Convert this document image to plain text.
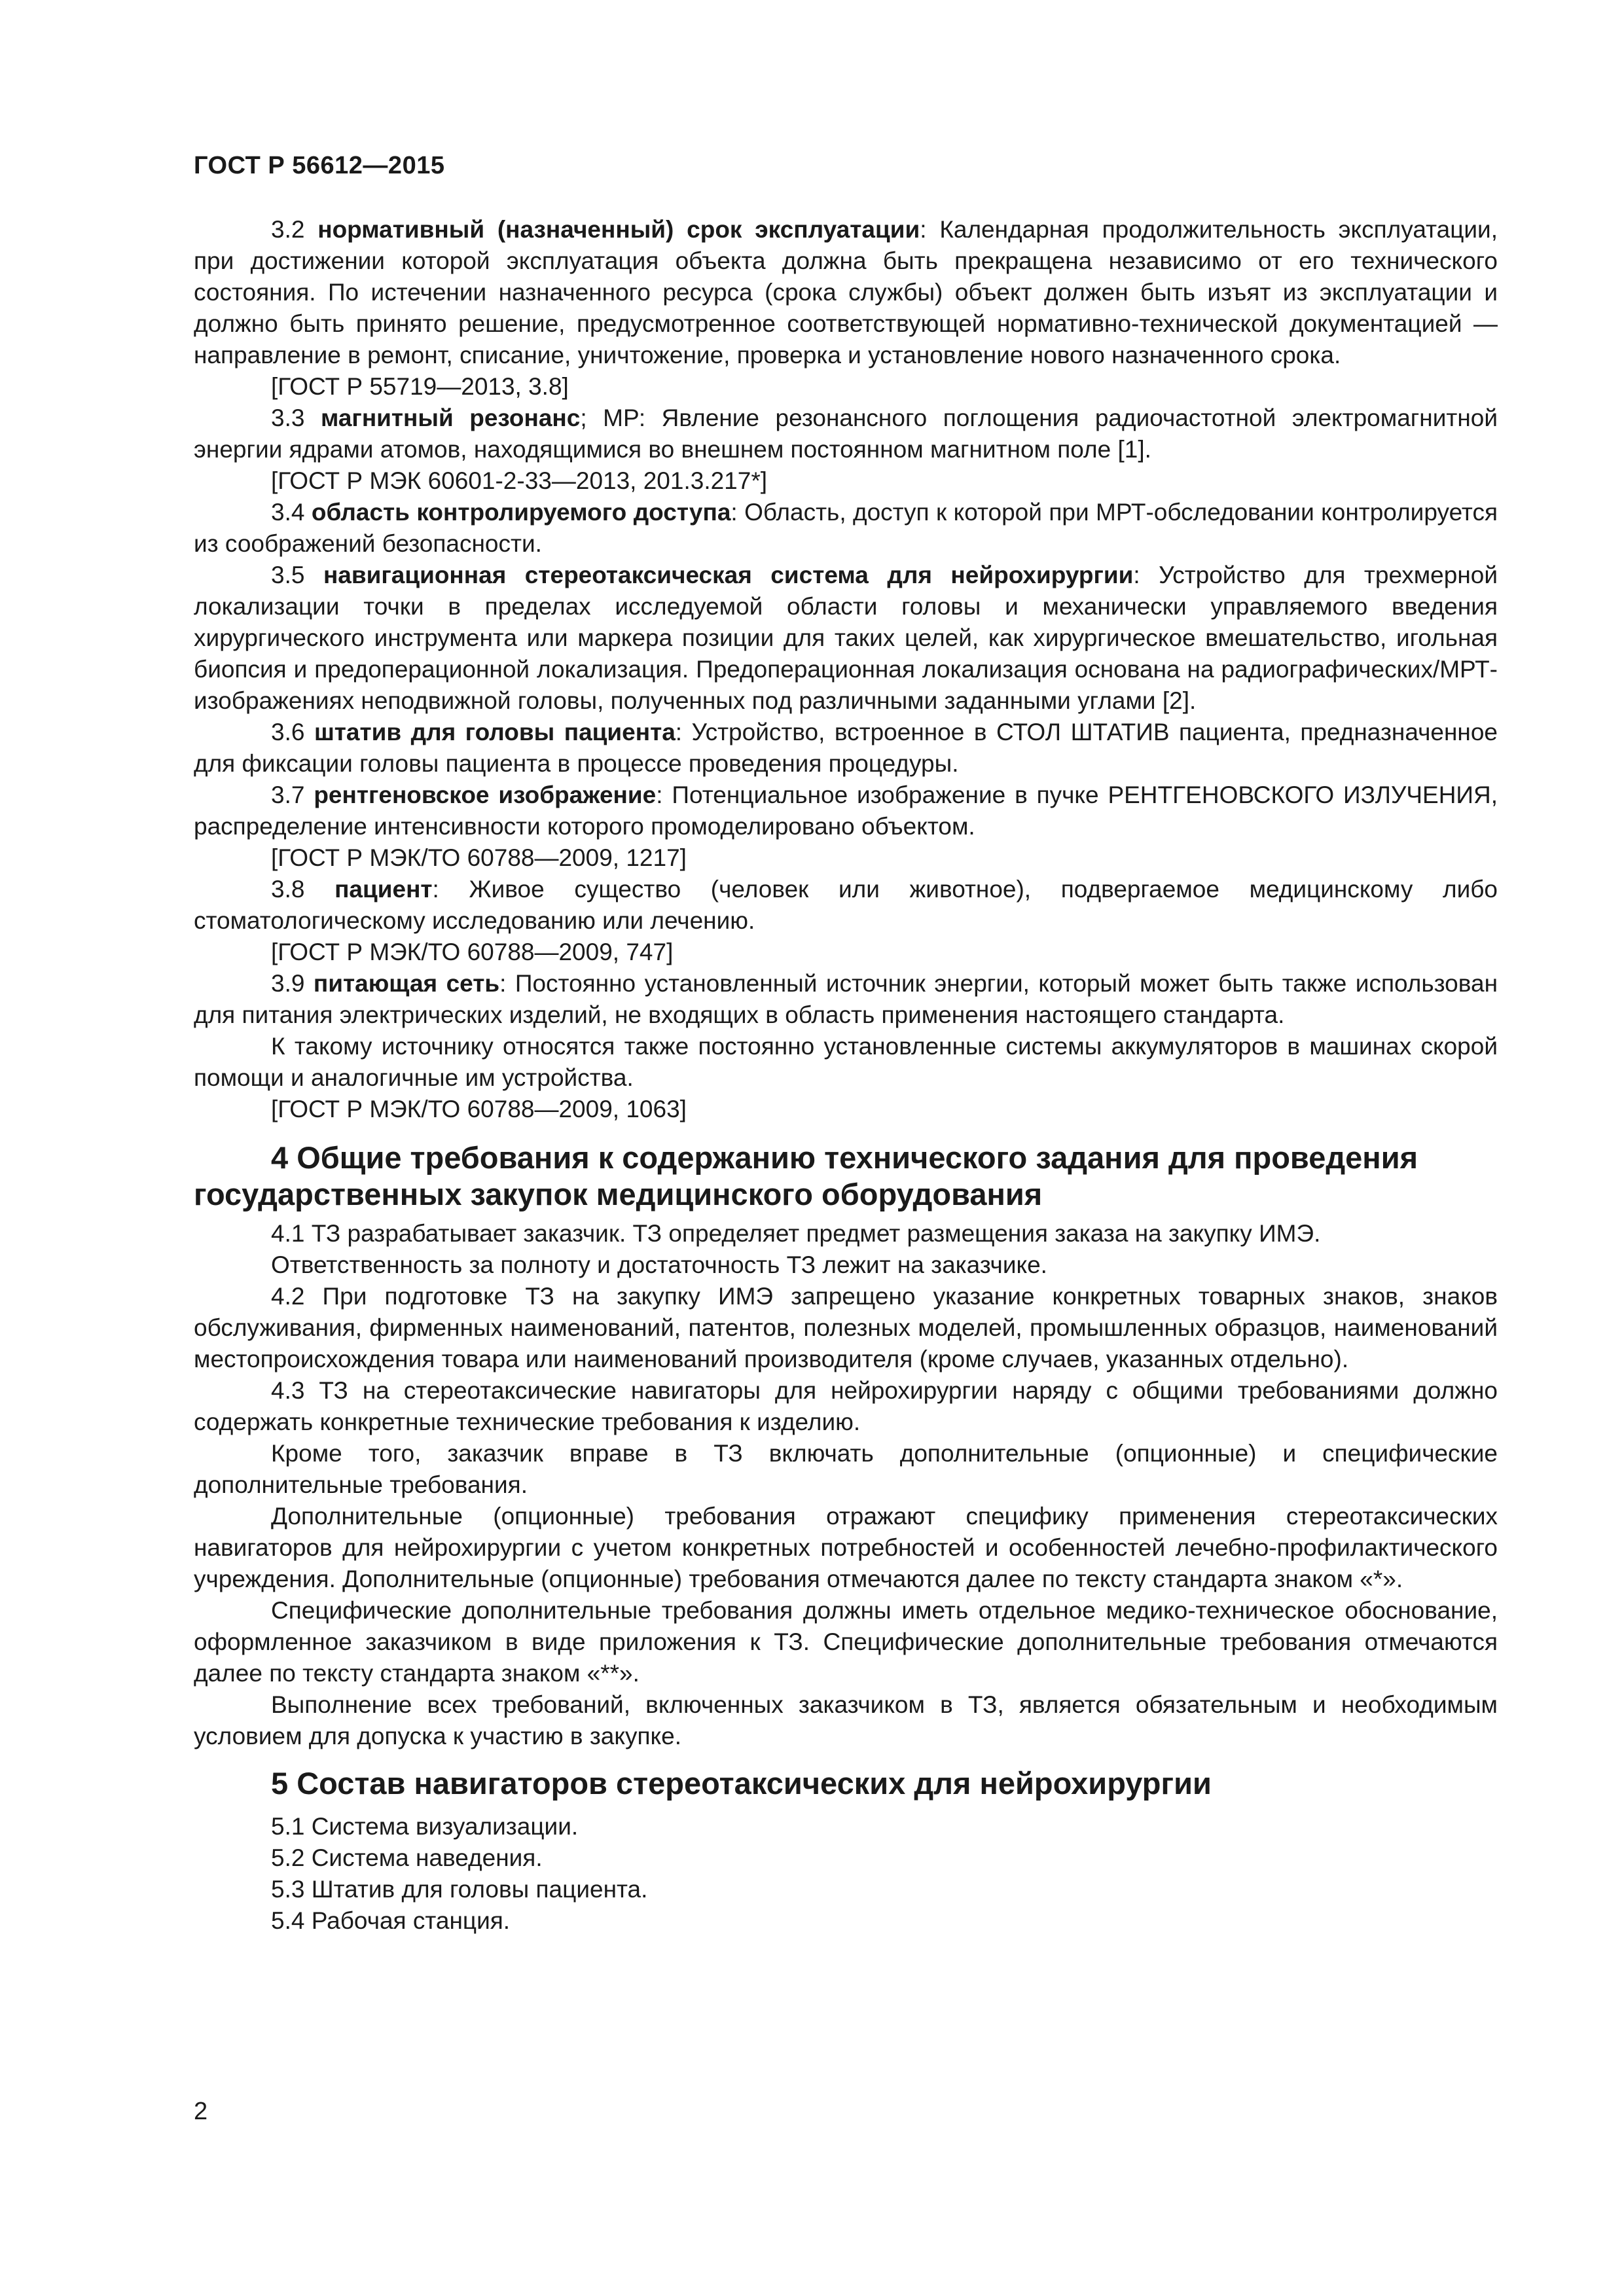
ГОСТ Р 56612—2015

3.2 нормативный (назначенный) срок эксплуатации: Календарная продолжительность эксплуатации, при достижении которой эксплуатация объекта должна быть прекращена независимо от его технического состояния. По истечении назначенного ресурса (срока службы) объект должен быть изъят из эксплуатации и должно быть принято решение, предусмотренное соответствующей нормативно-технической документацией — направление в ремонт, списание, уничтожение, проверка и установление нового назначенного срока.

[ГОСТ Р 55719—2013, 3.8]

3.3 магнитный резонанс; МР: Явление резонансного поглощения радиочастотной электромагнитной энергии ядрами атомов, находящимися во внешнем постоянном магнитном поле [1].

[ГОСТ Р МЭК 60601-2-33—2013, 201.3.217*]

3.4 область контролируемого доступа: Область, доступ к которой при МРТ-обследовании контролируется из соображений безопасности.

3.5 навигационная стереотаксическая система для нейрохирургии: Устройство для трехмерной локализации точки в пределах исследуемой области головы и механически управляемого введения хирургического инструмента или маркера позиции для таких целей, как хирургическое вмешательство, игольная биопсия и предоперационной локализация. Предоперационная локализация основана на радиографических/МРТ-изображениях неподвижной головы, полученных под различными заданными углами [2].

3.6 штатив для головы пациента: Устройство, встроенное в СТОЛ ШТАТИВ пациента, предназначенное для фиксации головы пациента в процессе проведения процедуры.

3.7 рентгеновское изображение: Потенциальное изображение в пучке РЕНТГЕНОВСКОГО ИЗЛУЧЕНИЯ, распределение интенсивности которого промоделировано объектом.

[ГОСТ Р МЭК/ТО 60788—2009, 1217]

3.8 пациент: Живое существо (человек или животное), подвергаемое медицинскому либо стоматологическому исследованию или лечению.

[ГОСТ Р МЭК/ТО 60788—2009, 747]

3.9 питающая сеть: Постоянно установленный источник энергии, который может быть также использован для питания электрических изделий, не входящих в область применения настоящего стандарта.

К такому источнику относятся также постоянно установленные системы аккумуляторов в машинах скорой помощи и аналогичные им устройства.

[ГОСТ Р МЭК/ТО 60788—2009, 1063]

4 Общие требования к содержанию технического задания для проведения государственных закупок медицинского оборудования

4.1 ТЗ разрабатывает заказчик. ТЗ определяет предмет размещения заказа на закупку ИМЭ.

Ответственность за полноту и достаточность ТЗ лежит на заказчике.

4.2 При подготовке ТЗ на закупку ИМЭ запрещено указание конкретных товарных знаков, знаков обслуживания, фирменных наименований, патентов, полезных моделей, промышленных образцов, наименований местопроисхождения товара или наименований производителя (кроме случаев, указанных отдельно).

4.3 ТЗ на стереотаксические навигаторы для нейрохирургии наряду с общими требованиями должно содержать конкретные технические требования к изделию.

Кроме того, заказчик вправе в ТЗ включать дополнительные (опционные) и специфические дополнительные требования.

Дополнительные (опционные) требования отражают специфику применения стереотаксических навигаторов для нейрохирургии с учетом конкретных потребностей и особенностей лечебно-профилактического учреждения. Дополнительные (опционные) требования отмечаются далее по тексту стандарта знаком «*».

Специфические дополнительные требования должны иметь отдельное медико-техническое обоснование, оформленное заказчиком в виде приложения к ТЗ. Специфические дополнительные требования отмечаются далее по тексту стандарта знаком «**».

Выполнение всех требований, включенных заказчиком в ТЗ, является обязательным и необходимым условием для допуска к участию в закупке.

5 Состав навигаторов стереотаксических для нейрохирургии

5.1 Система визуализации.

5.2 Система наведения.

5.3 Штатив для головы пациента.

5.4 Рабочая станция.

2
